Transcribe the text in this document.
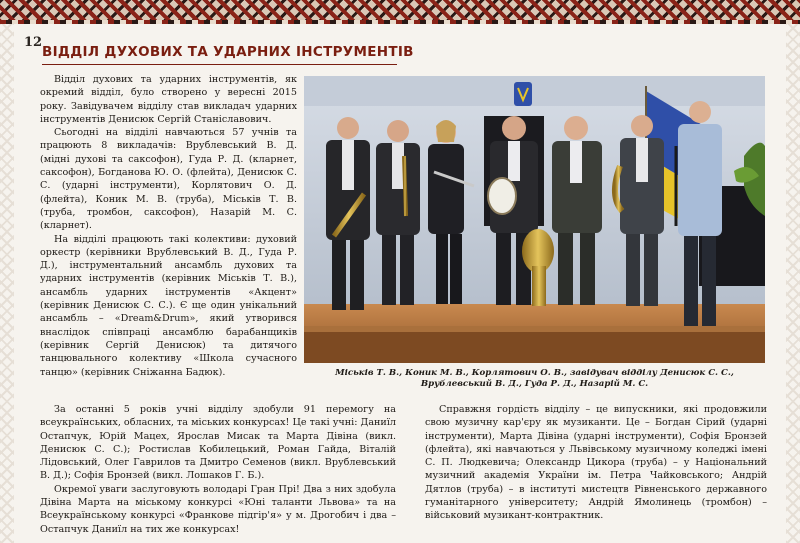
12
ВІДДІЛ ДУХОВИХ ТА УДАРНИХ ІНСТРУМЕНТІВ

Відділ духових та ударних інструментів, як окремий відділ, було створено у вересні 2015 року. Завідувачем відділу став викладач ударних інструментів Денисюк Сергій Станіславович.

Сьогодні на відділі навчаються 57 учнів та працюють 8 викладачів: Врублевський В. Д. (мідні духові та саксофон), Гуда Р. Д. (кларнет, саксофон), Богданова Ю. О. (флейта), Денисюк С. С. (ударні інструменти), Корлятович О. Д. (флейта), Коник М. В. (труба), Міськів Т. В. (труба, тромбон, саксофон), Назарій М. С. (кларнет).

На відділі працюють такі колективи: духовий оркестр (керівники Врублевський В. Д., Гуда Р. Д.), інструментальний ансамбль духових та ударних інструментів (керівник Міськів Т. В.), ансамбль ударних інструментів «Акцент» (керівник Денисюк С. С.). Є ще один унікальний ансамбль – «Dream&Drum», який утворився внаслідок співпраці ансамблю барабанщиків (керівник Сергій Денисюк) та дитячого танцювального колективу «Школа сучасного танцю» (керівник Сніжанна Бадюк).	Міськів Т. В., Коник М. В., Корлятович О. В., завідувач відділу Денисюк С. С.,
Врублевський В. Д., Гуда Р. Д., Назарій М. С.

За останні 5 років учні відділу здобули 91 перемогу на всеукраїнських, обласних, та міських конкурсах! Це такі учні: Даниїл Остапчук, Юрій Мацех, Ярослав Мисак та Марта Дівіна (викл. Денисюк С. С.); Ростислав Кобилецький, Роман Гайда, Віталій Лідовський, Олег Гаврилов та Дмитро Семенов (викл. Врублевський В. Д.); Софія Бронзей (викл. Лошаков Г. Б.).

Окремої уваги заслуговують володарі Гран Прі! Два з них здобула Дівіна Марта на міському конкурсі «Юні таланти Львова» та на Всеукраїнському конкурсі «Франкове підгір'я» у м. Дрогобич і два – Остапчук Даниїл на тих же конкурсах!

Справжня гордість відділу – це випускники, які продовжили свою музичну кар'єру як музиканти. Це – Богдан Сірий (ударні інструменти), Марта Дівіна (ударні інструменти), Софія Бронзей (флейта), які навчаються у Львівському музичному коледжі імені С. П. Людкевича; Олександр Цикора (труба) – у Національний музичний академія України ім. Петра Чайковського; Андрій Дятлов (труба) – в інституті мистецтв Рівненського державного гуманітарного університету; Андрій Ямолинець (тромбон) – військовий музикант-контрактник.
